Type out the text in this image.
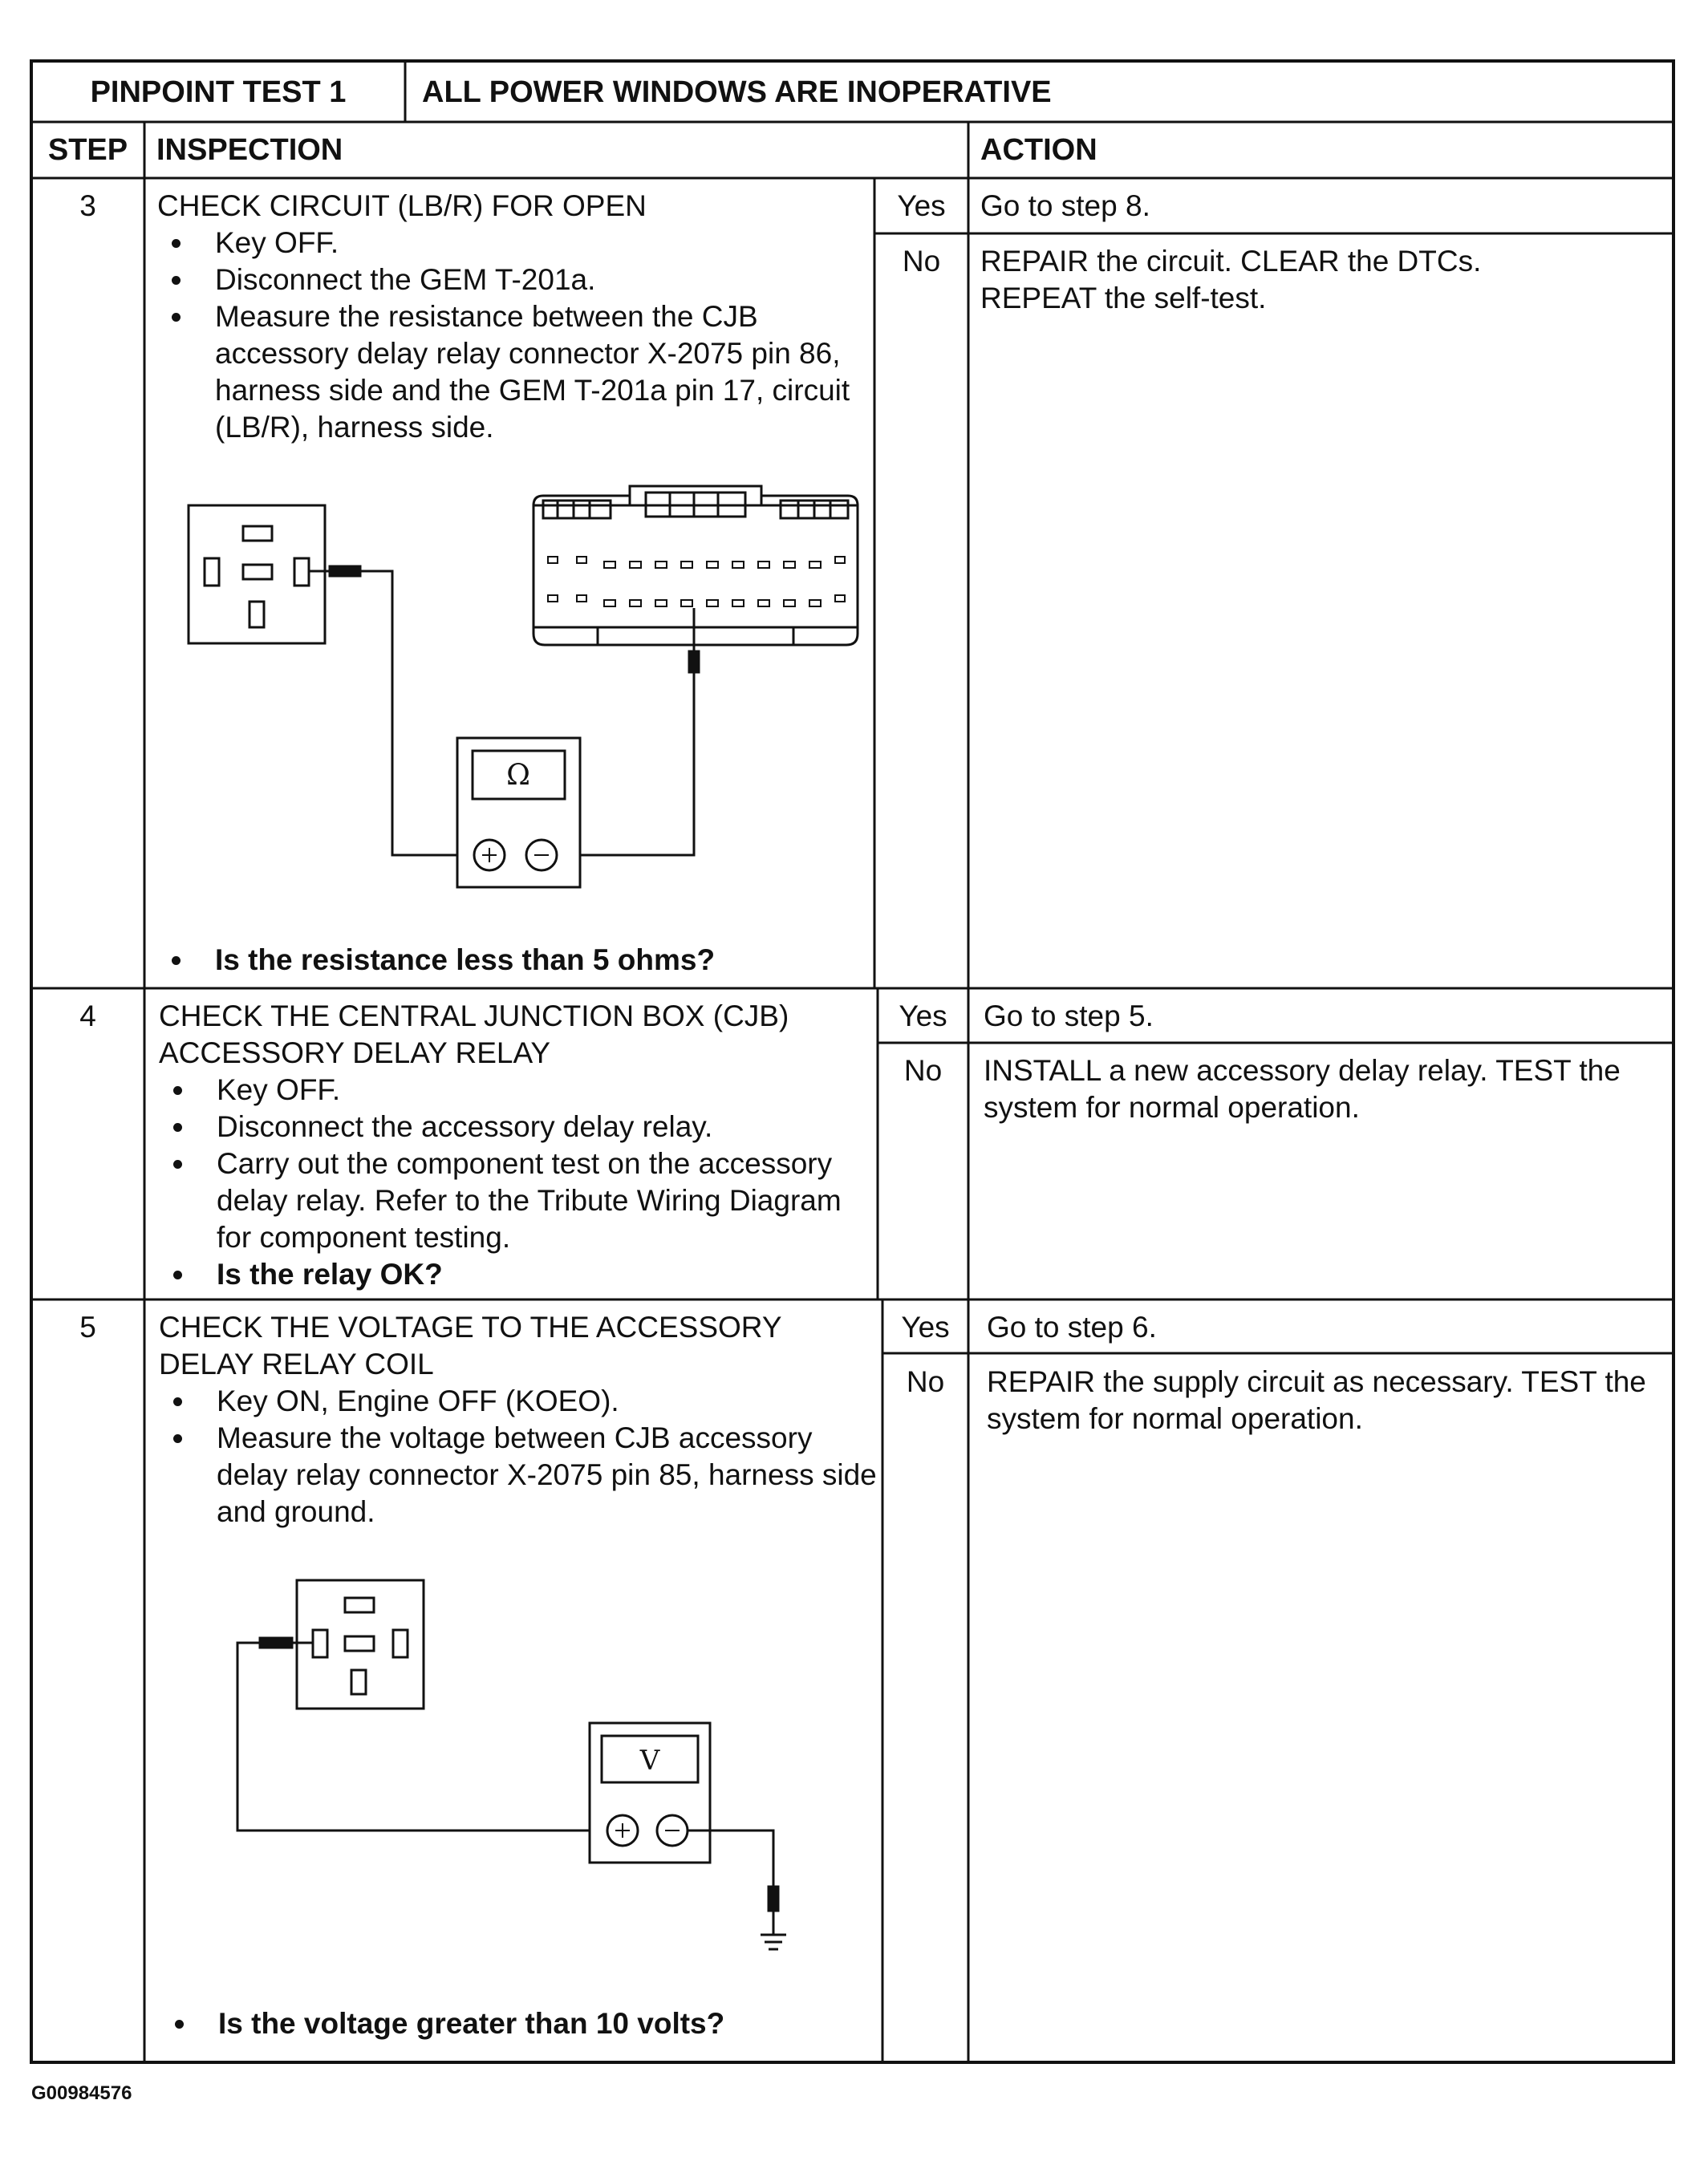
PINPOINT TEST 1	ALL POWER WINDOWS ARE INOPERATIVE
STEP INSPECTION	ACTION
3	CHECK CIRCUIT (LB/R) FOR OPEN
Key OFF.
Disconnect the GEM T-201a.
Measure the resistance between the CJB accessory delay relay connector X-2075 pin 86, harness side and the GEM T-201a pin 17, circuit (LB/R), harness side.
Ω
Is the resistance less than 5 ohms?
Yes	Go to step 8.
No	REPAIR the circuit. CLEAR the DTCs. REPEAT the self-test.
4	CHECK THE CENTRAL JUNCTION BOX (CJB) ACCESSORY DELAY RELAY
Key OFF.
Disconnect the accessory delay relay.
Carry out the component test on the accessory delay relay. Refer to the Tribute Wiring Diagram for component testing.
Is the relay OK?
Yes	Go to step 5.
No	INSTALL a new accessory delay relay. TEST the system for normal operation.
5	CHECK THE VOLTAGE TO THE ACCESSORY DELAY RELAY COIL
Key ON, Engine OFF (KOEO).
Measure the voltage between CJB accessory delay relay connector X-2075 pin 85, harness side and ground.
V
Is the voltage greater than 10 volts?
Yes	Go to step 6.
No	REPAIR the supply circuit as necessary. TEST the system for normal operation.
G00984576
